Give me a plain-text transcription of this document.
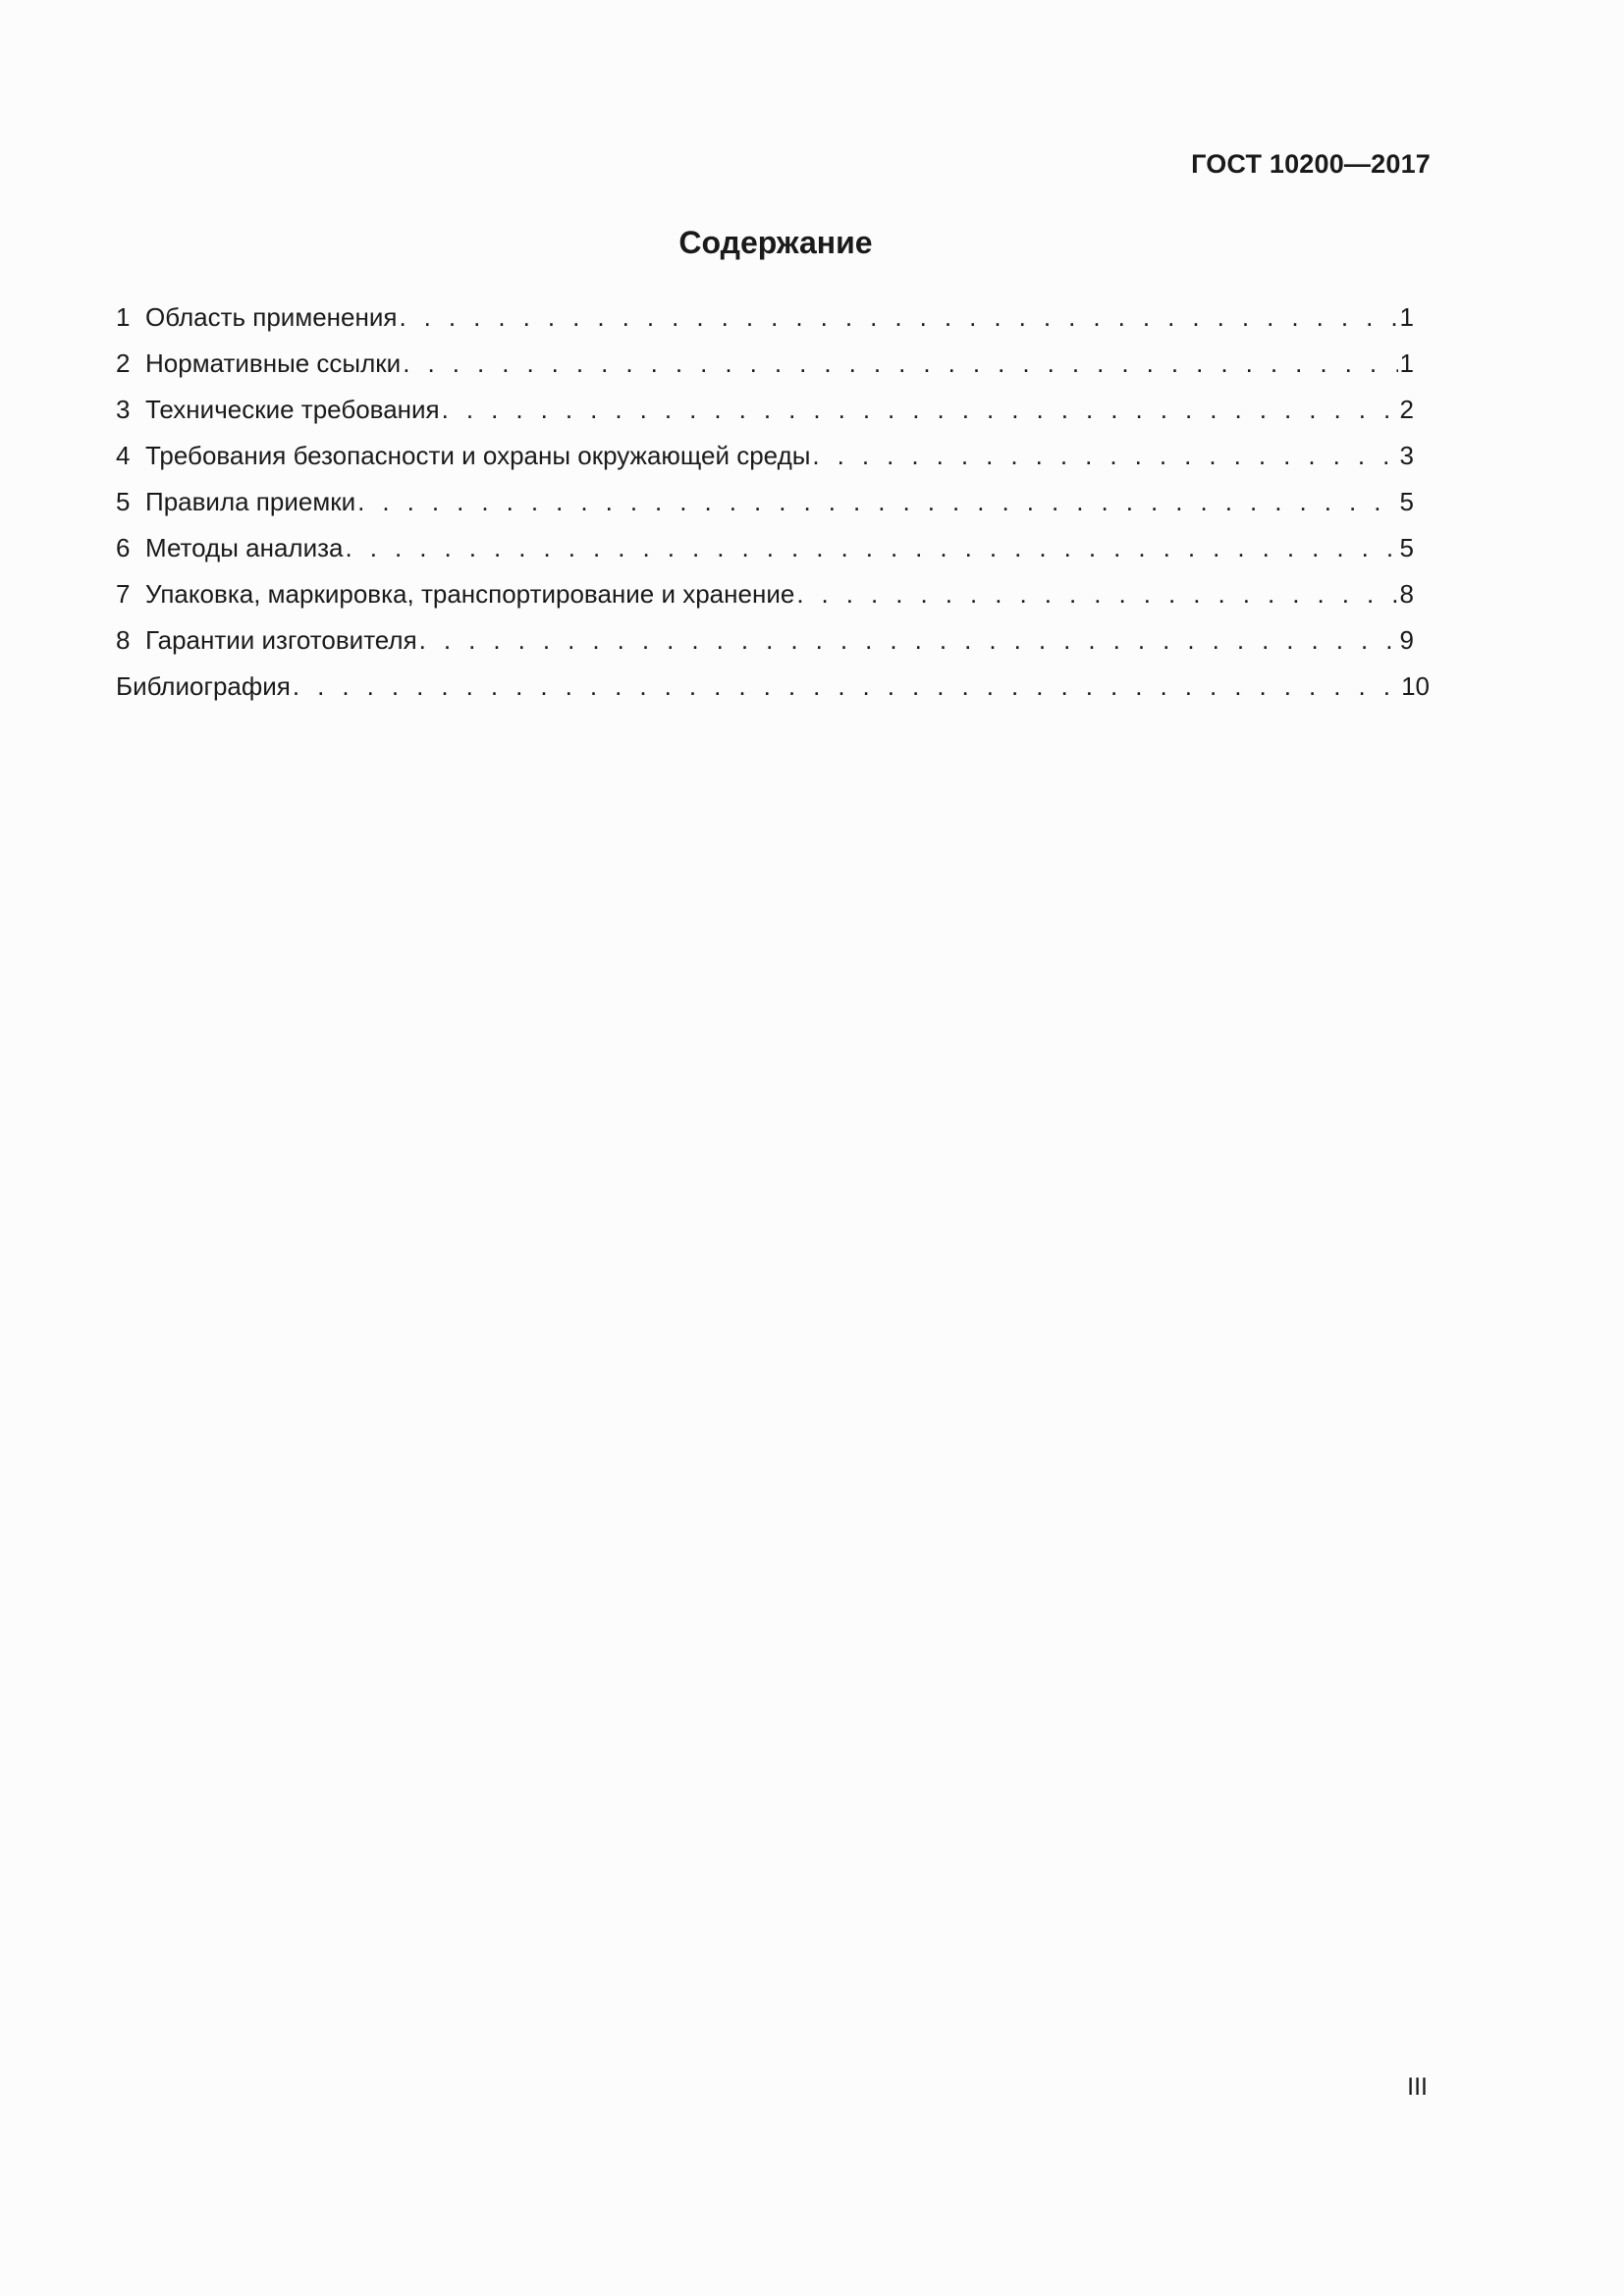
ГОСТ 10200—2017
Содержание
1 Область применения . . .	1
2 Нормативные ссылки . . .	1
3 Технические требования . . .	2
4 Требования безопасности и охраны окружающей среды . . .	3
5 Правила приемки . . .	5
6 Методы анализа . . .	5
7 Упаковка, маркировка, транспортирование и хранение . . .	8
8 Гарантии изготовителя . . .	9
Библиография . . .	10
III
